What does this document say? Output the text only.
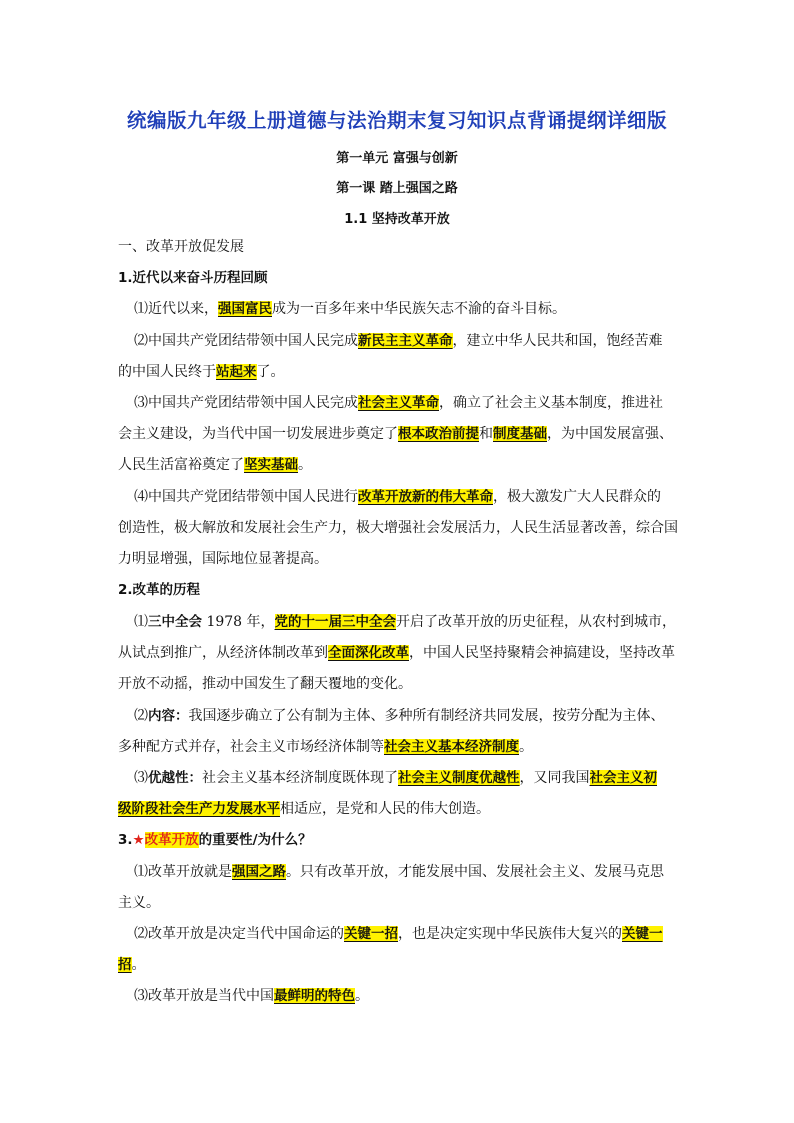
统编版九年级上册道德与法治期末复习知识点背诵提纲详细版
第一单元 富强与创新
第一课 踏上强国之路
1.1 坚持改革开放
一、改革开放促发展
1.近代以来奋斗历程回顾
⑴近代以来，强国富民成为一百多年来中华民族矢志不渝的奋斗目标。
⑵中国共产党团结带领中国人民完成新民主主义革命，建立中华人民共和国，饱经苦难
的中国人民终于站起来了。
⑶中国共产党团结带领中国人民完成社会主义革命，确立了社会主义基本制度，推进社
会主义建设，为当代中国一切发展进步奠定了根本政治前提和制度基础，为中国发展富强、
人民生活富裕奠定了坚实基础。
⑷中国共产党团结带领中国人民进行改革开放新的伟大革命，极大激发广大人民群众的
创造性，极大解放和发展社会生产力，极大增强社会发展活力，人民生活显著改善，综合国
力明显增强，国际地位显著提高。
2.改革的历程
⑴三中全会 1978 年，党的十一届三中全会开启了改革开放的历史征程，从农村到城市，
从试点到推广，从经济体制改革到全面深化改革，中国人民坚持聚精会神搞建设，坚持改革
开放不动摇，推动中国发生了翻天覆地的变化。
⑵内容：我国逐步确立了公有制为主体、多种所有制经济共同发展，按劳分配为主体、
多种配方式并存，社会主义市场经济体制等社会主义基本经济制度。
⑶优越性：社会主义基本经济制度既体现了社会主义制度优越性，又同我国社会主义初
级阶段社会生产力发展水平相适应，是党和人民的伟大创造。
3.★改革开放的重要性/为什么？
⑴改革开放就是强国之路。只有改革开放，才能发展中国、发展社会主义、发展马克思
主义。
⑵改革开放是决定当代中国命运的关键一招，也是决定实现中华民族伟大复兴的关键一
招。
⑶改革开放是当代中国最鲜明的特色。
